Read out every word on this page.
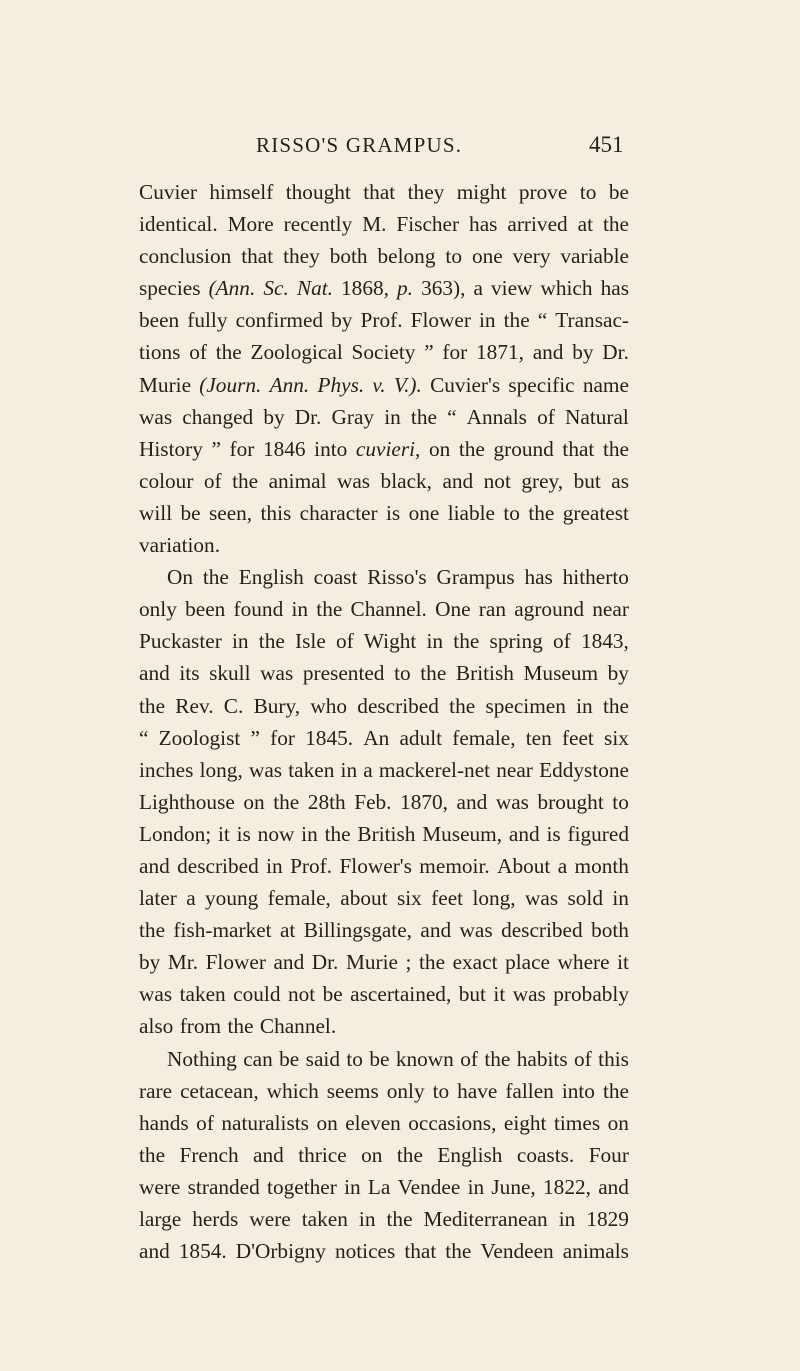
RISSO'S GRAMPUS.	451
Cuvier himself thought that they might prove to be
identical. More recently M. Fischer has arrived at the
conclusion that they both belong to one very variable
species (Ann. Sc. Nat. 1868, p. 363), a view which has
been fully confirmed by Prof. Flower in the “ Transac-
tions of the Zoological Society ” for 1871, and by Dr.
Murie (Journ. Ann. Phys. v. V.). Cuvier's specific name
was changed by Dr. Gray in the “ Annals of Natural
History ” for 1846 into cuvieri, on the ground that the
colour of the animal was black, and not grey, but as
will be seen, this character is one liable to the greatest
variation.
On the English coast Risso's Grampus has hitherto
only been found in the Channel. One ran aground near
Puckaster in the Isle of Wight in the spring of 1843,
and its skull was presented to the British Museum by
the Rev. C. Bury, who described the specimen in the
“ Zoologist ” for 1845. An adult female, ten feet six
inches long, was taken in a mackerel-net near Eddystone
Lighthouse on the 28th Feb. 1870, and was brought to
London; it is now in the British Museum, and is figured
and described in Prof. Flower's memoir. About a month
later a young female, about six feet long, was sold in
the fish-market at Billingsgate, and was described both
by Mr. Flower and Dr. Murie ; the exact place where it
was taken could not be ascertained, but it was probably
also from the Channel.
Nothing can be said to be known of the habits of this
rare cetacean, which seems only to have fallen into the
hands of naturalists on eleven occasions, eight times on
the French and thrice on the English coasts. Four
were stranded together in La Vendee in June, 1822, and
large herds were taken in the Mediterranean in 1829
and 1854. D'Orbigny notices that the Vendeen animals
